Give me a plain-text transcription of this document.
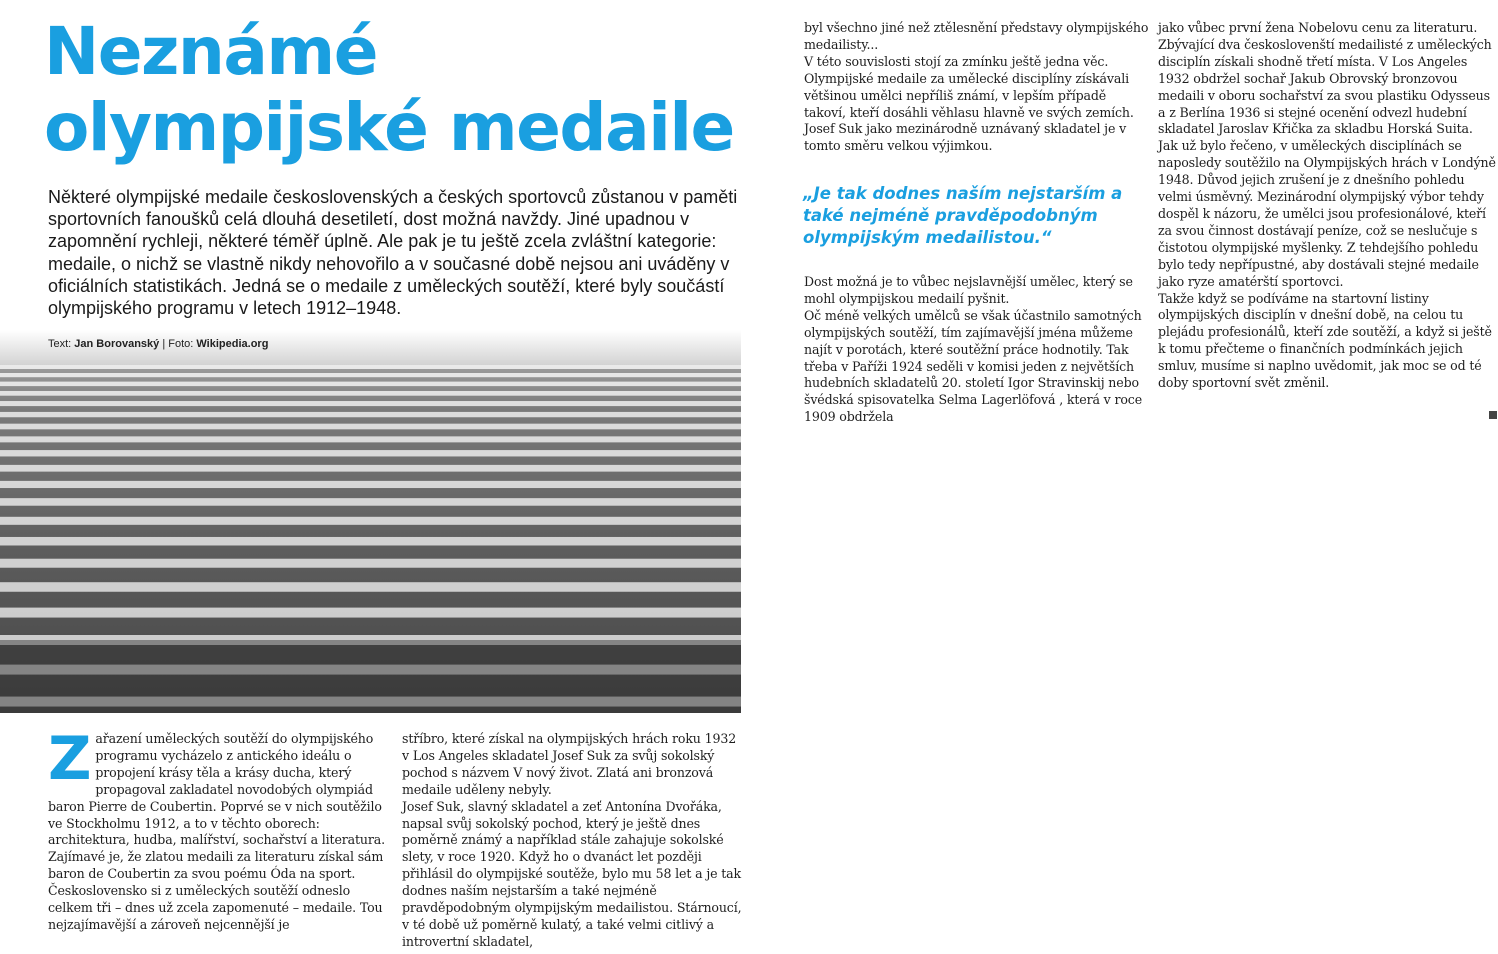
Neznámé
olympijské medaile

Některé olympijské medaile československých a českých sportovců zůstanou v paměti sportovních fanoušků celá dlouhá desetiletí, dost možná navždy. Jiné upadnou v zapomnění rychleji, některé téměř úplně. Ale pak je tu ještě zcela zvláštní kategorie: medaile, o nichž se vlastně nikdy nehovořilo a v současné době nejsou ani uváděny v oficiálních statistikách. Jedná se o medaile z uměleckých soutěží, které byly součástí olympijského programu v letech 1912–1948.

Text: Jan Borovanský | Foto: Wikipedia.org

Z ařazení uměleckých soutěží do olympijského programu vycházelo z antického ideálu o propojení krásy těla a krásy ducha, který propagoval zakladatel novodobých olympiád baron Pierre de Coubertin. Poprvé se v nich soutěžilo ve Stockholmu 1912, a to v těchto oborech: architektura, hudba, malířství, sochařství a literatura. Zajímavé je, že zlatou medaili za literaturu získal sám baron de Coubertin za svou poému Óda na sport.

Československo si z uměleckých soutěží odneslo celkem tři – dnes už zcela zapomenuté – medaile. Tou nejzajímavější a zároveň nejcennější je

stříbro, které získal na olympijských hrách roku 1932 v Los Angeles skladatel Josef Suk za svůj sokolský pochod s názvem V nový život. Zlatá ani bronzová medaile uděleny nebyly.

Josef Suk, slavný skladatel a zeť Antonína Dvořáka, napsal svůj sokolský pochod, který je ještě dnes poměrně známý a například stále zahajuje sokolské slety, v roce 1920. Když ho o dvanáct let později přihlásil do olympijské soutěže, bylo mu 58 let a je tak dodnes naším nejstarším a také nejméně pravděpodobným olympijským medailistou. Stárnoucí, v té době už poměrně kulatý, a také velmi citlivý a introvertní skladatel,

byl všechno jiné než ztělesnění představy olympijského medailisty...

V této souvislosti stojí za zmínku ještě jedna věc. Olympijské medaile za umělecké disciplíny získávali většinou umělci nepříliš známí, v lepším případě takoví, kteří dosáhli věhlasu hlavně ve svých zemích. Josef Suk jako mezinárodně uznávaný skladatel je v tomto směru velkou výjimkou.

„Je tak dodnes naším nejstarším a také nejméně pravděpodobným olympijským medailistou.“

Dost možná je to vůbec nejslavnější umělec, který se mohl olympijskou medailí pyšnit.

Oč méně velkých umělců se však účastnilo samotných olympijských soutěží, tím zajímavější jména můžeme najít v porotách, které soutěžní práce hodnotily. Tak třeba v Paříži 1924 seděli v komisi jeden z největších hudebních skladatelů 20. století Igor Stravinskij nebo švédská spisovatelka Selma Lagerlöfová , která v roce 1909 obdržela

jako vůbec první žena Nobelovu cenu za literaturu. Zbývající dva českoslovenští medailisté z uměleckých disciplín získali shodně třetí místa. V Los Angeles 1932 obdržel sochař Jakub Obrovský bronzovou medaili v oboru sochařství za svou plastiku Odysseus a z Berlína 1936 si stejné ocenění odvezl hudební skladatel Jaroslav Křička za skladbu Horská Suita.

Jak už bylo řečeno, v uměleckých disciplínách se naposledy soutěžilo na Olympijských hrách v Londýně 1948. Důvod jejich zrušení je z dnešního pohledu velmi úsměvný. Mezinárodní olympijský výbor tehdy dospěl k názoru, že umělci jsou profesionálové, kteří za svou činnost dostávají peníze, což se neslučuje s čistotou olympijské myšlenky. Z tehdejšího pohledu bylo tedy nepřípustné, aby dostávali stejné medaile jako ryze amatérští sportovci.

Takže když se podíváme na startovní listiny olympijských disciplín v dnešní době, na celou tu plejádu profesionálů, kteří zde soutěží, a když si ještě k tomu přečteme o finančních podmínkách jejich smluv, musíme si naplno uvědomit, jak moc se od té doby sportovní svět změnil.
